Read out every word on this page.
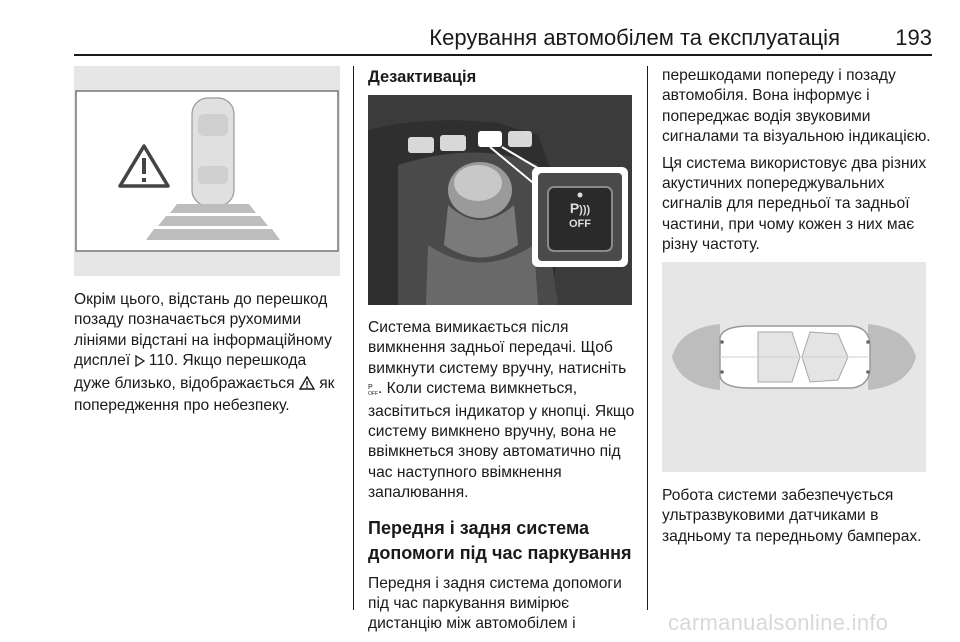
Керування автомобілем та експлуатація	193

Окрім цього, відстань до перешкод позаду позначається рухомими лініями відстані на інформаційному дисплеї 110. Якщо перешкода дуже близько, відображається як попередження про небезпеку.

Дезактивація
P)))
OFF

Система вимикається після вимкнення задньої передачі. Щоб вимкнути систему вручну, натисніть
P
OFF . Коли система вимкнеться, засвітиться індикатор у кнопці. Якщо систему вимкнено вручну, вона не ввімкнеться знову автоматично під час наступного ввімкнення запалювання.

Передня і задня система допомоги під час паркування

Передня і задня система допомоги під час паркування вимірює дистанцію між автомобілем і

перешкодами попереду і позаду автомобіля. Вона інформує і попереджає водія звуковими сигналами та візуальною індикацією.

Ця система використовує два різних акустичних попереджувальних сигналів для передньої та задньої частини, при чому кожен з них має різну частоту.

Робота системи забезпечується ультразвуковими датчиками в задньому та передньому бамперах.

carmanualsonline.info
